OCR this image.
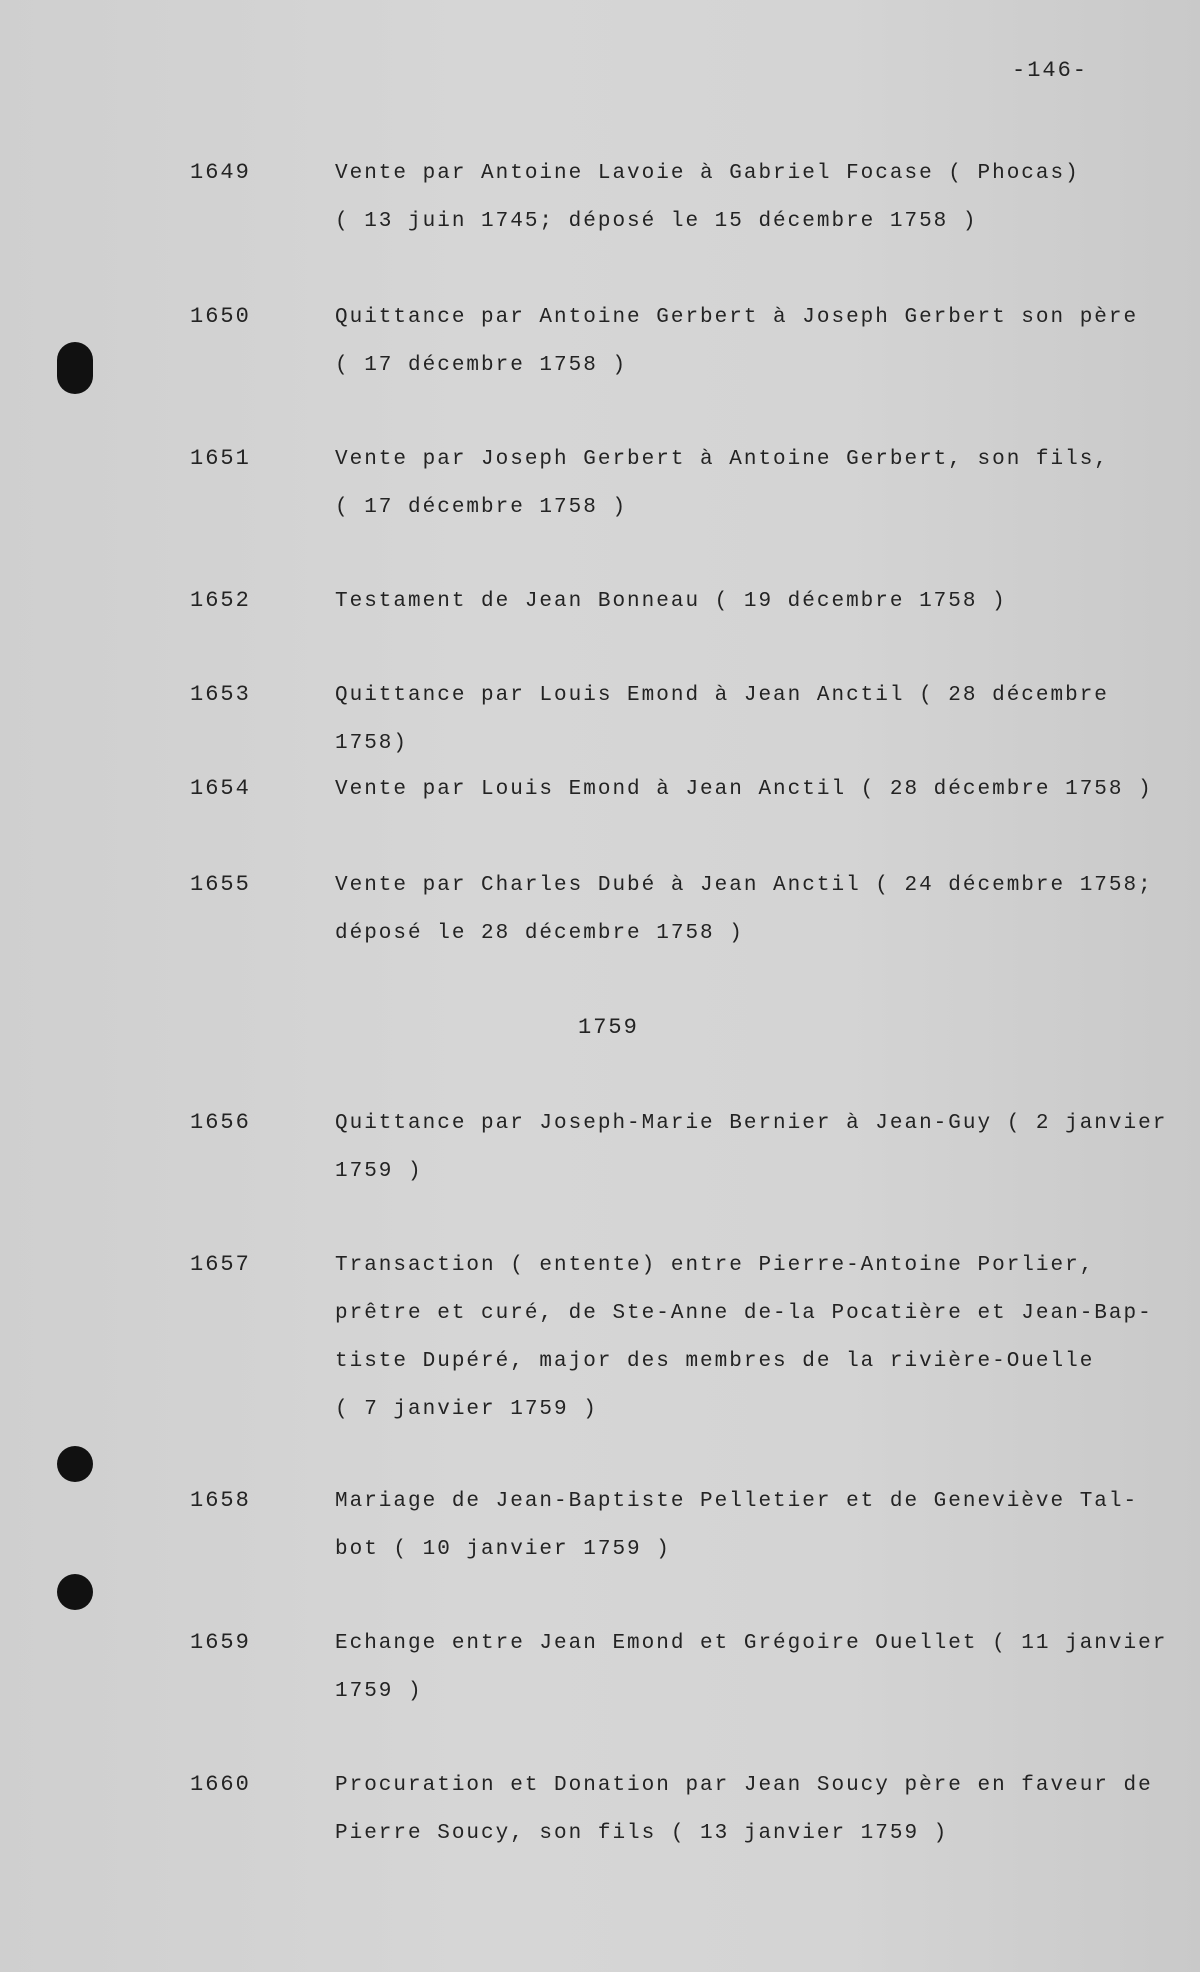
-146-
1649	Vente par Antoine Lavoie à Gabriel Focase ( Phocas)
( 13 juin 1745; déposé le 15 décembre 1758 )
1650	Quittance par Antoine Gerbert à Joseph Gerbert son père
( 17 décembre 1758 )
1651	Vente par Joseph Gerbert à Antoine Gerbert, son fils,
( 17 décembre 1758 )
1652	Testament de Jean Bonneau ( 19 décembre 1758 )
1653	Quittance par Louis Emond à Jean Anctil ( 28 décembre 1758)
1654	Vente par Louis Emond à Jean Anctil ( 28 décembre 1758 )
1655	Vente par Charles Dubé à Jean Anctil ( 24 décembre 1758;
déposé le 28 décembre 1758 )
1759
1656	Quittance par Joseph-Marie Bernier à Jean-Guy ( 2 janvier
1759 )
1657	Transaction ( entente) entre Pierre-Antoine Porlier,
prêtre et curé, de Ste-Anne de-la Pocatière et Jean-Bap-
tiste Dupéré, major des membres de la rivière-Ouelle
( 7 janvier 1759 )
1658	Mariage de Jean-Baptiste Pelletier et de Geneviève Tal-
bot ( 10 janvier 1759 )
1659	Echange entre Jean Emond et Grégoire Ouellet ( 11 janvier
1759 )
1660	Procuration et Donation par Jean Soucy père en faveur de
Pierre Soucy, son fils ( 13 janvier 1759 )
